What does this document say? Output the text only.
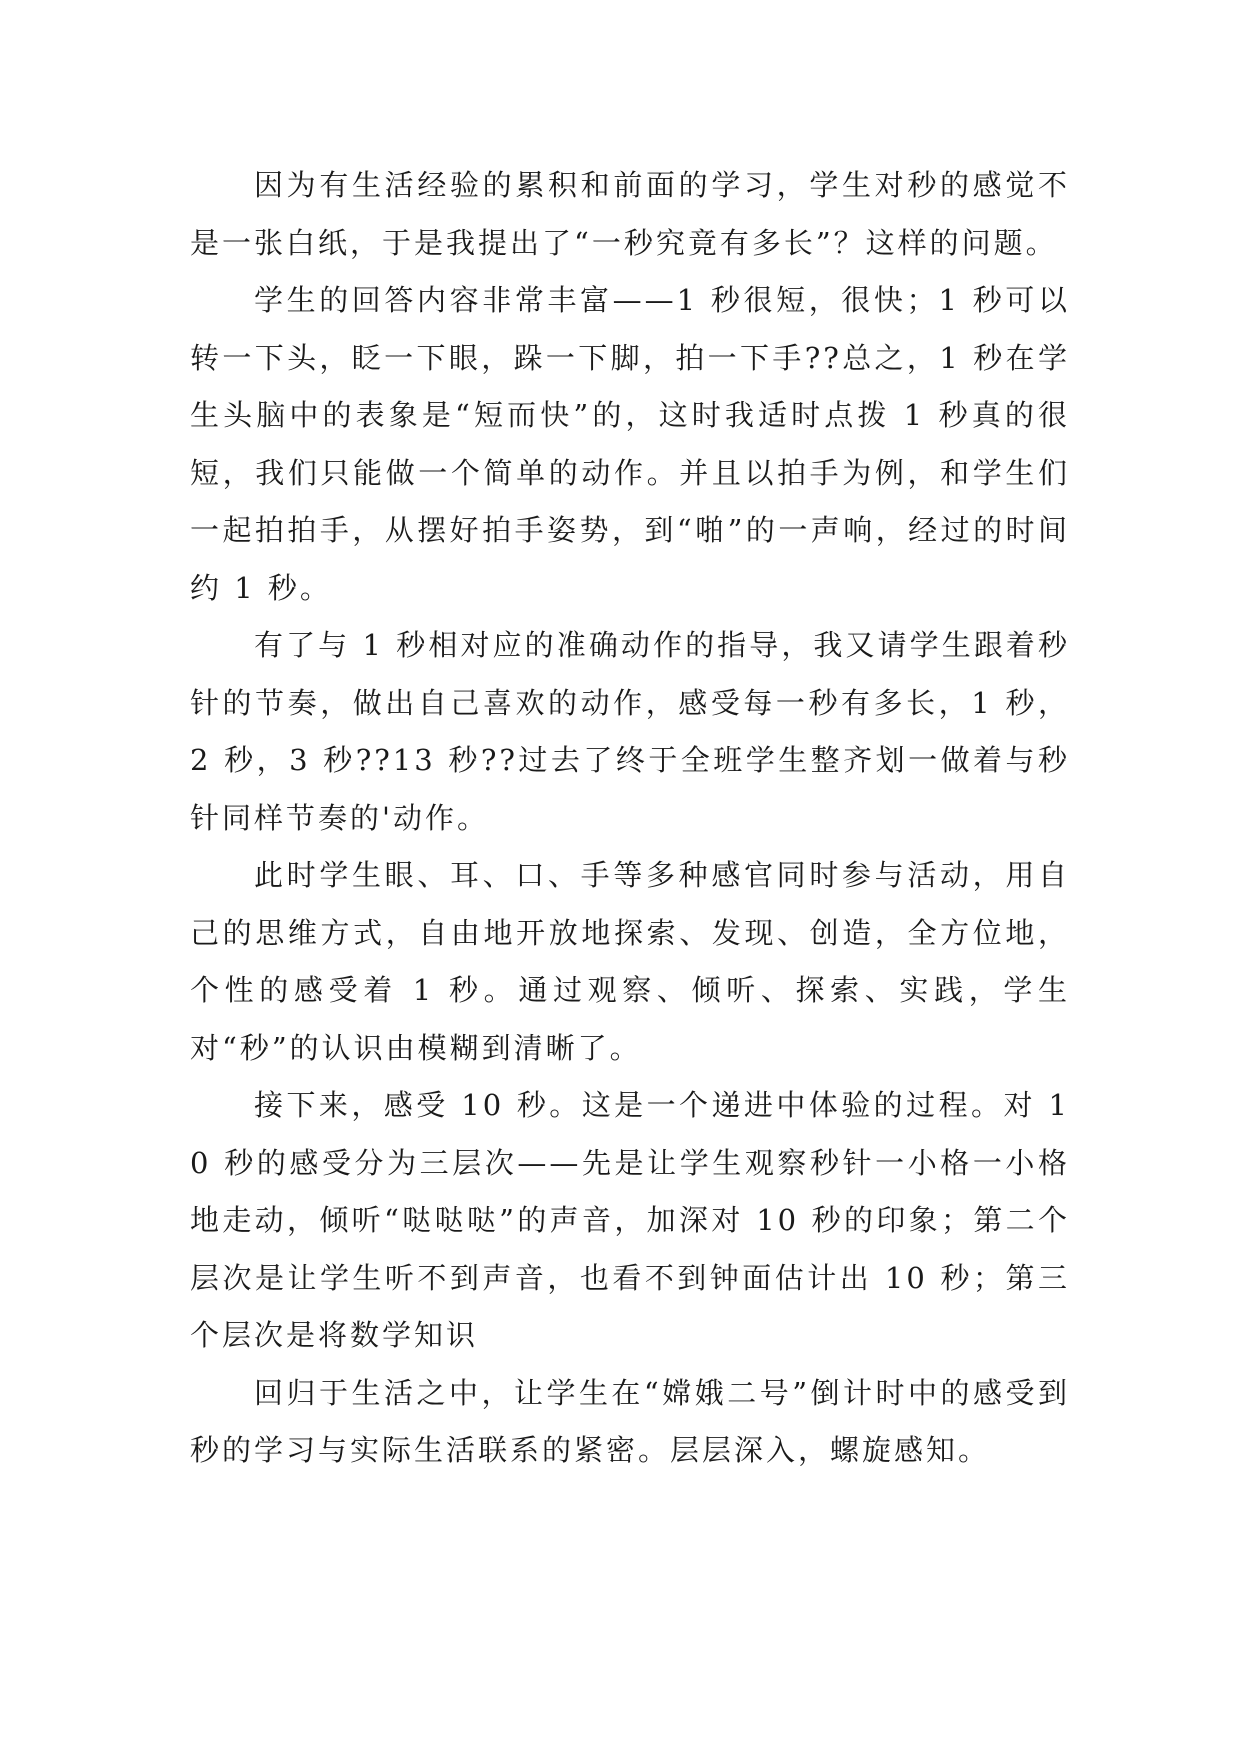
因为有生活经验的累积和前面的学习，学生对秒的感觉不是一张白纸，于是我提出了“一秒究竟有多长”？这样的问题。

学生的回答内容非常丰富——1 秒很短，很快；1 秒可以转一下头，眨一下眼，跺一下脚，拍一下手??总之，1 秒在学生头脑中的表象是“短而快”的，这时我适时点拨 1 秒真的很短，我们只能做一个简单的动作。并且以拍手为例，和学生们一起拍拍手，从摆好拍手姿势，到“啪”的一声响，经过的时间约 1 秒。

有了与 1 秒相对应的准确动作的指导，我又请学生跟着秒针的节奏，做出自己喜欢的动作，感受每一秒有多长，1 秒，2 秒，3 秒??13 秒??过去了终于全班学生整齐划一做着与秒针同样节奏的'动作。

此时学生眼、耳、口、手等多种感官同时参与活动，用自己的思维方式，自由地开放地探索、发现、创造，全方位地，个性的感受着 1 秒。通过观察、倾听、探索、实践，学生对“秒”的认识由模糊到清晰了。

接下来，感受 10 秒。这是一个递进中体验的过程。对 10 秒的感受分为三层次——先是让学生观察秒针一小格一小格地走动，倾听“哒哒哒”的声音，加深对 10 秒的印象；第二个层次是让学生听不到声音，也看不到钟面估计出 10 秒；第三个层次是将数学知识

回归于生活之中，让学生在“嫦娥二号”倒计时中的感受到秒的学习与实际生活联系的紧密。层层深入，螺旋感知。
